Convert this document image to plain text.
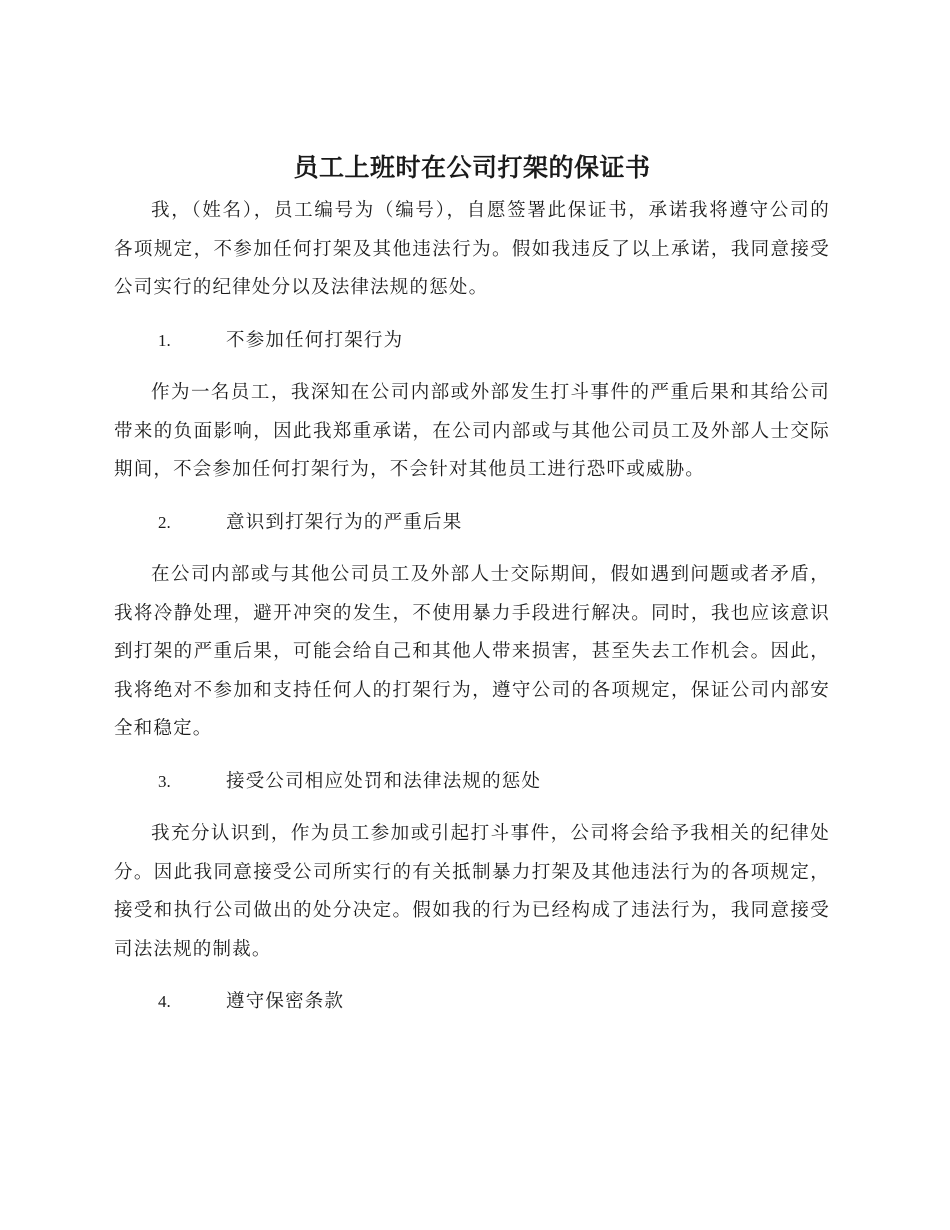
员工上班时在公司打架的保证书

我，（姓名），员工编号为（编号），自愿签署此保证书，承诺我将遵守公司的各项规定，不参加任何打架及其他违法行为。假如我违反了以上承诺，我同意接受公司实行的纪律处分以及法律法规的惩处。

1.	不参加任何打架行为

作为一名员工，我深知在公司内部或外部发生打斗事件的严重后果和其给公司带来的负面影响，因此我郑重承诺，在公司内部或与其他公司员工及外部人士交际期间，不会参加任何打架行为，不会针对其他员工进行恐吓或威胁。

2.	意识到打架行为的严重后果

在公司内部或与其他公司员工及外部人士交际期间，假如遇到问题或者矛盾，我将冷静处理，避开冲突的发生，不使用暴力手段进行解决。同时，我也应该意识到打架的严重后果，可能会给自己和其他人带来损害，甚至失去工作机会。因此，我将绝对不参加和支持任何人的打架行为，遵守公司的各项规定，保证公司内部安全和稳定。

3.	接受公司相应处罚和法律法规的惩处

我充分认识到，作为员工参加或引起打斗事件，公司将会给予我相关的纪律处分。因此我同意接受公司所实行的有关抵制暴力打架及其他违法行为的各项规定，接受和执行公司做出的处分决定。假如我的行为已经构成了违法行为，我同意接受司法法规的制裁。

4.	遵守保密条款
